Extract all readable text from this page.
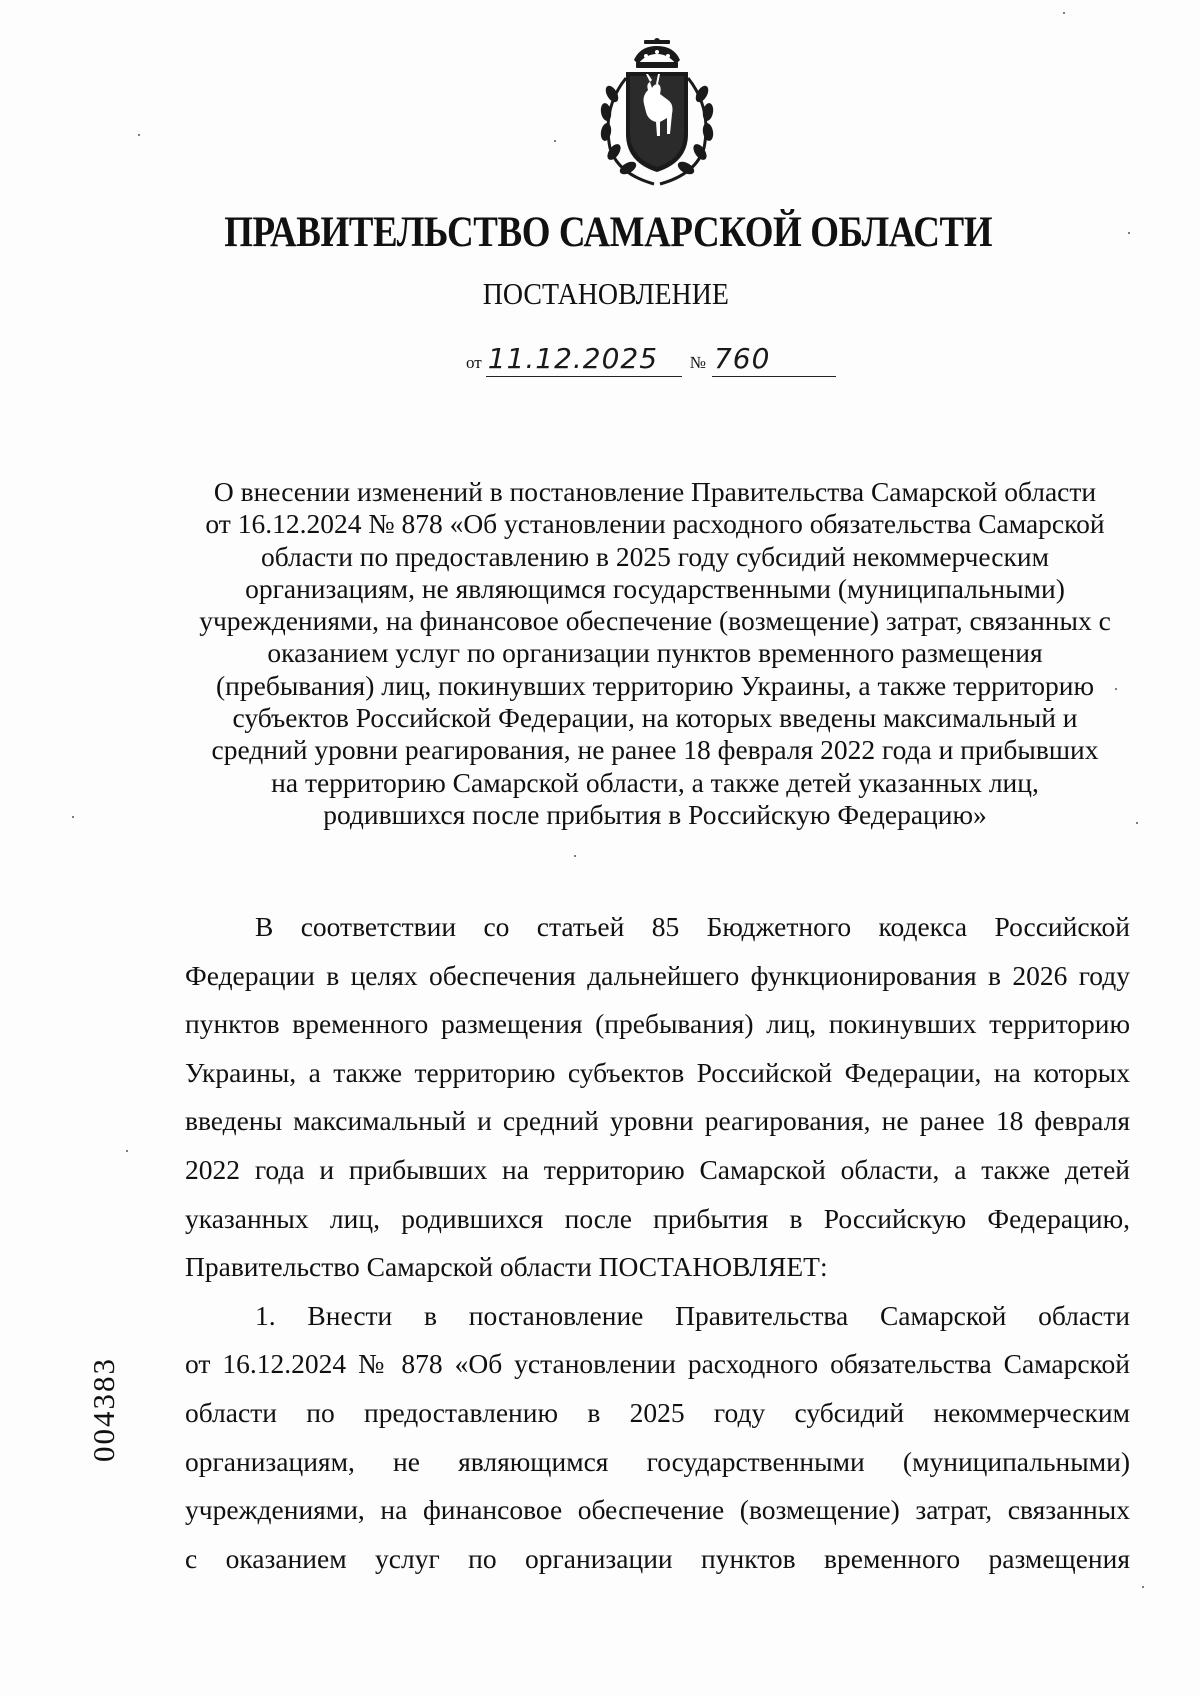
ПРАВИТЕЛЬСТВО САМАРСКОЙ ОБЛАСТИ
ПОСТАНОВЛЕНИЕ
от 11.12.2025	№ 760
О внесении изменений в постановление Правительства Самарской области
от 16.12.2024 № 878 «Об установлении расходного обязательства Самарской
области по предоставлению в 2025 году субсидий некоммерческим
организациям, не являющимся государственными (муниципальными)
учреждениями, на финансовое обеспечение (возмещение) затрат, связанных с
оказанием услуг по организации пунктов временного размещения
(пребывания) лиц, покинувших территорию Украины, а также территорию
субъектов Российской Федерации, на которых введены максимальный и
средний уровни реагирования, не ранее 18 февраля 2022 года и прибывших
на территорию Самарской области, а также детей указанных лиц,
родившихся после прибытия в Российскую Федерацию»
В соответствии со статьей 85 Бюджетного кодекса Российской
Федерации в целях обеспечения дальнейшего функционирования в 2026 году
пунктов временного размещения (пребывания) лиц, покинувших территорию
Украины, а также территорию субъектов Российской Федерации, на которых
введены максимальный и средний уровни реагирования, не ранее 18 февраля
2022 года и прибывших на территорию Самарской области, а также детей
указанных лиц, родившихся после прибытия в Российскую Федерацию,
Правительство Самарской области ПОСТАНОВЛЯЕТ:
1. Внести в постановление Правительства Самарской области
от 16.12.2024 № 878 «Об установлении расходного обязательства Самарской
области по предоставлению в 2025 году субсидий некоммерческим
организациям, не являющимся государственными (муниципальными)
учреждениями, на финансовое обеспечение (возмещение) затрат, связанных
с оказанием услуг по организации пунктов временного размещения
004383
